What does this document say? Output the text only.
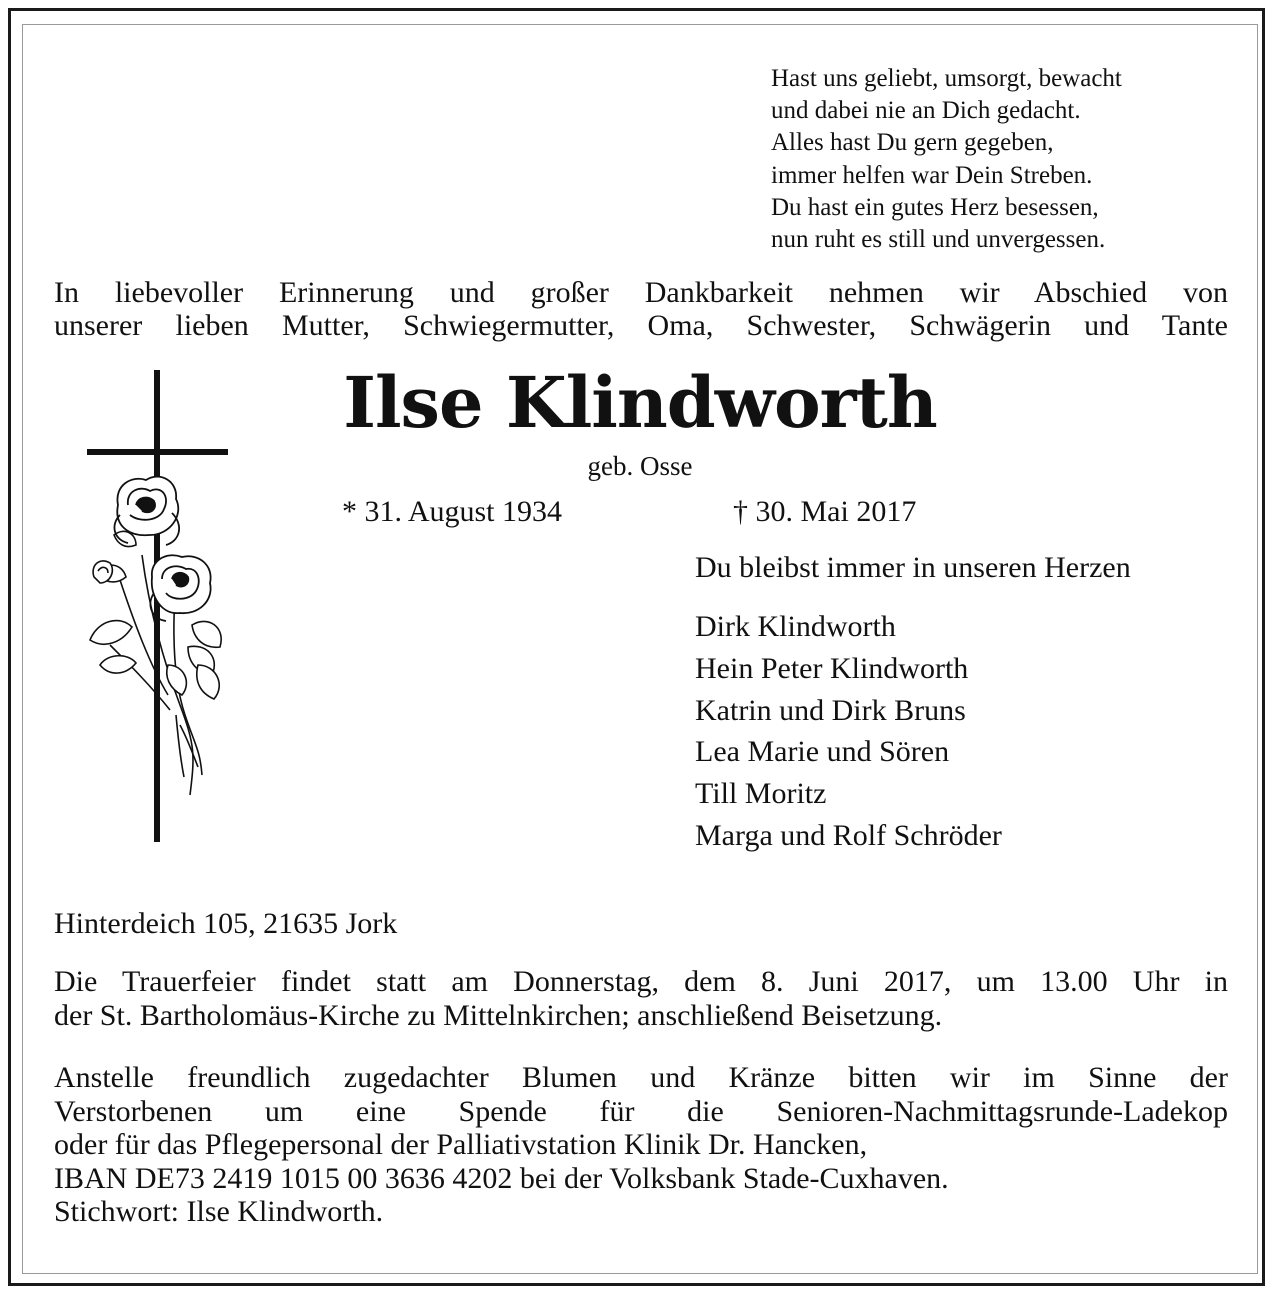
Hast uns geliebt, umsorgt, bewacht
und dabei nie an Dich gedacht.
Alles hast Du gern gegeben,
immer helfen war Dein Streben.
Du hast ein gutes Herz besessen,
nun ruht es still und unvergessen.
In liebevoller Erinnerung und großer Dankbarkeit nehmen wir Abschied von
unserer lieben Mutter, Schwiegermutter, Oma, Schwester, Schwägerin und Tante
Ilse Klindworth
geb. Osse
* 31. August 1934	† 30. Mai 2017
Du bleibst immer in unseren Herzen
Dirk Klindworth
Hein Peter Klindworth
Katrin und Dirk Bruns
Lea Marie und Sören
Till Moritz
Marga und Rolf Schröder
Hinterdeich 105, 21635 Jork
Die Trauerfeier findet statt am Donnerstag, dem 8. Juni 2017, um 13.00 Uhr in
der St. Bartholomäus-Kirche zu Mittelnkirchen; anschließend Beisetzung.
Anstelle freundlich zugedachter Blumen und Kränze bitten wir im Sinne der
Verstorbenen um eine Spende für die Senioren-Nachmittagsrunde-Ladekop
oder für das Pflegepersonal der Palliativstation Klinik Dr. Hancken,
IBAN DE73 2419 1015 00 3636 4202 bei der Volksbank Stade-Cuxhaven.
Stichwort: Ilse Klindworth.
